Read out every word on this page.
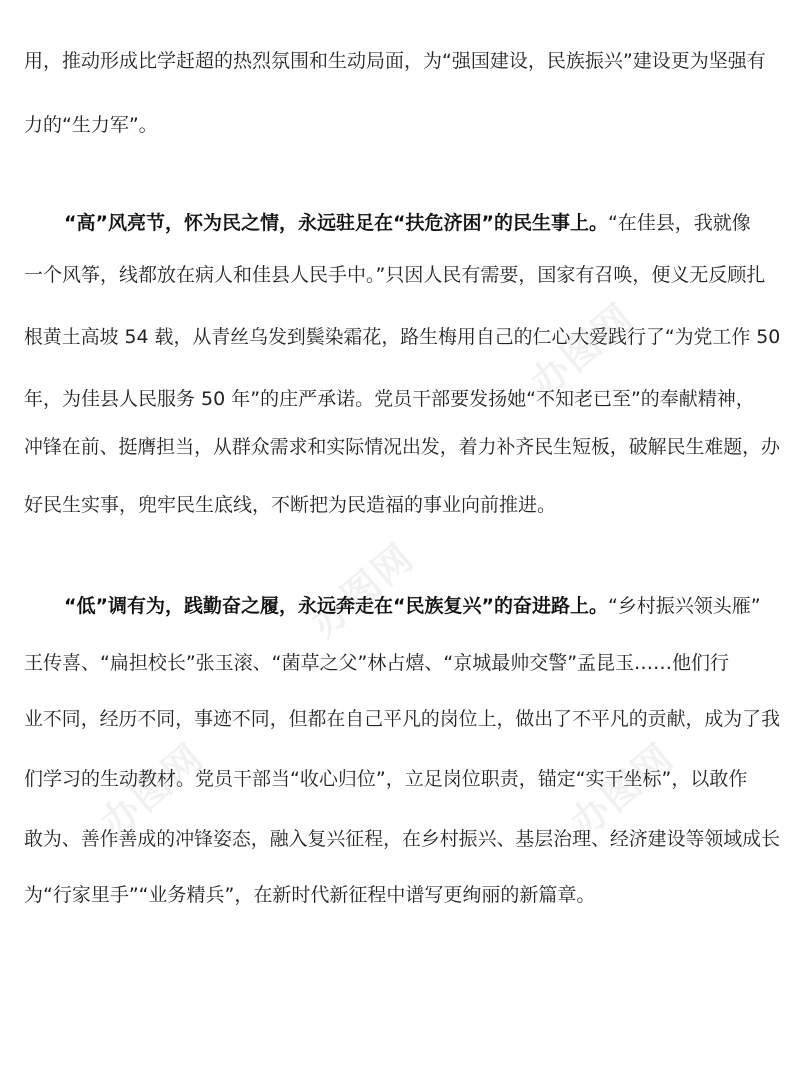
办图网
办图网
办图网
办图网
用，推动形成比学赶超的热烈氛围和生动局面，为“强国建设，民族振兴”建设更为坚强有
力的“生力军”。
“高”风亮节，怀为民之情，永远驻足在“扶危济困”的民生事上。“在佳县，我就像
一个风筝，线都放在病人和佳县人民手中。”只因人民有需要，国家有召唤，便义无反顾扎
根黄土高坡 54 载，从青丝乌发到鬓染霜花，路生梅用自己的仁心大爱践行了“为党工作 50
年，为佳县人民服务 50 年”的庄严承诺。党员干部要发扬她“不知老已至”的奉献精神，
冲锋在前、挺膺担当，从群众需求和实际情况出发，着力补齐民生短板，破解民生难题，办
好民生实事，兜牢民生底线，不断把为民造福的事业向前推进。
“低”调有为，践勤奋之履，永远奔走在“民族复兴”的奋进路上。“乡村振兴领头雁”
王传喜、“扁担校长”张玉滚、“菌草之父”林占熺、“京城最帅交警”孟昆玉……他们行
业不同，经历不同，事迹不同，但都在自己平凡的岗位上，做出了不平凡的贡献，成为了我
们学习的生动教材。党员干部当“收心归位”，立足岗位职责，锚定“实干坐标”，以敢作
敢为、善作善成的冲锋姿态，融入复兴征程，在乡村振兴、基层治理、经济建设等领域成长
为“行家里手”“业务精兵”，在新时代新征程中谱写更绚丽的新篇章。
